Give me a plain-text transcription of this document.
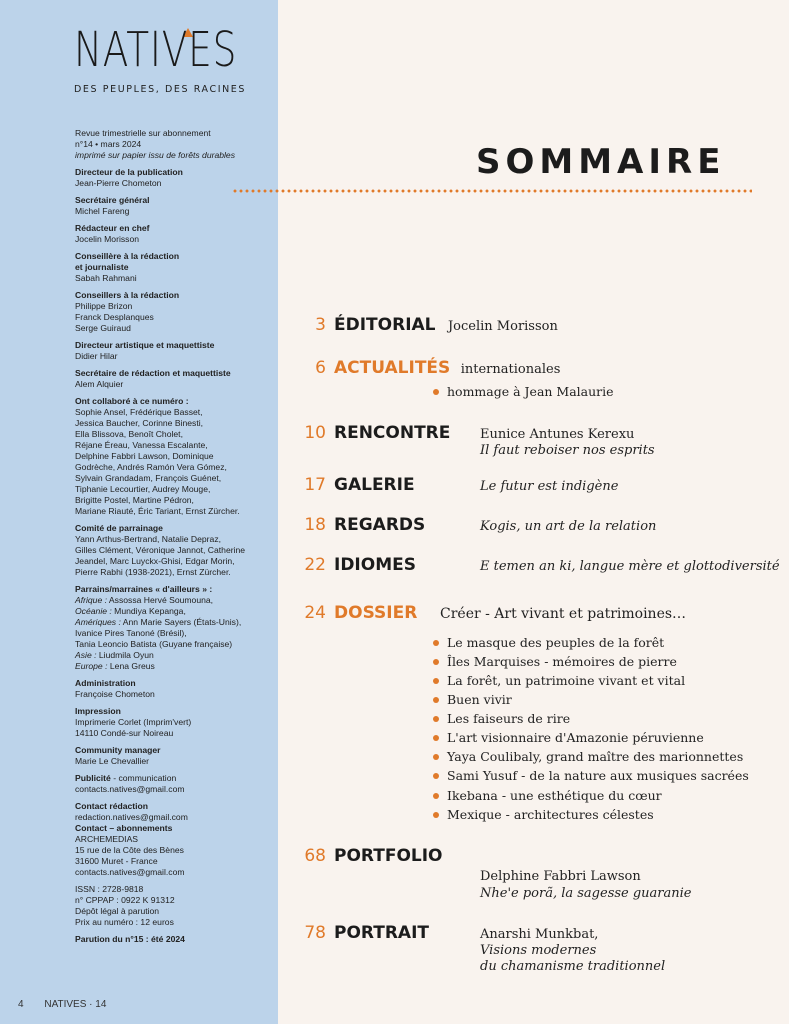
NATIVES
DES PEUPLES, DES RACINES
Revue trimestrielle sur abonnement
n°14 • mars 2024
imprimé sur papier issu de forêts durables
Directeur de la publication
Jean-Pierre Chometon
Secrétaire général
Michel Fareng
Rédacteur en chef
Jocelin Morisson
Conseillère à la rédaction
et journaliste
Sabah Rahmani
Conseillers à la rédaction
Philippe Brizon
Franck Desplanques
Serge Guiraud
Directeur artistique et maquettiste
Didier Hilar
Secrétaire de rédaction et maquettiste
Alem Alquier
Ont collaboré à ce numéro :
Sophie Ansel, Frédérique Basset,
Jessica Baucher, Corinne Binesti,
Ella Blissova, Benoît Cholet,
Réjane Éreau, Vanessa Escalante,
Delphine Fabbri Lawson, Dominique
Godrèche, Andrés Ramón Vera Gómez,
Sylvain Grandadam, François Guénet,
Tiphanie Lecourtier, Audrey Mouge,
Brigitte Postel, Martine Pédron,
Mariane Riauté, Éric Tariant, Ernst Zürcher.
Comité de parrainage
Yann Arthus-Bertrand, Natalie Depraz,
Gilles Clément, Véronique Jannot, Catherine
Jeandel, Marc Luyckx-Ghisi, Edgar Morin,
Pierre Rabhi (1938-2021), Ernst Zürcher.
Parrains/marraines « d'ailleurs » :
Afrique : Assossa Hervé Soumouna,
Océanie : Mundiya Kepanga,
Amériques : Ann Marie Sayers (États-Unis),
Ivanice Pires Tanoné (Brésil),
Tania Leoncio Batista (Guyane française)
Asie : Liudmila Oyun
Europe : Lena Greus
Administration
Françoise Chometon
Impression
Imprimerie Corlet (Imprim'vert)
14110 Condé-sur Noireau
Community manager
Marie Le Chevallier
Publicité - communication
contacts.natives@gmail.com
Contact rédaction
redaction.natives@gmail.com
Contact – abonnements
ARCHEMEDIAS
15 rue de la Côte des Bènes
31600 Muret - France
contacts.natives@gmail.com
ISSN : 2728-9818
n° CPPAP : 0922 K 91312
Dépôt légal à parution
Prix au numéro : 12 euros
Parution du n°15 : été 2024
4 NATIVES · 14
SOMMAIRE
3 ÉDITORIAL Jocelin Morisson
6 ACTUALITÉS internationales
hommage à Jean Malaurie
10 RENCONTRE Eunice Antunes Kerexu
Il faut reboiser nos esprits
17 GALERIE	Le futur est indigène
18 REGARDS	Kogis, un art de la relation
22 IDIOMES	E temen an ki, langue mère et glottodiversité
24 DOSSIER Créer - Art vivant et patrimoines…
Le masque des peuples de la forêt
Îles Marquises - mémoires de pierre
La forêt, un patrimoine vivant et vital
Buen vivir
Les faiseurs de rire
L'art visionnaire d'Amazonie péruvienne
Yaya Coulibaly, grand maître des marionnettes
Sami Yusuf - de la nature aux musiques sacrées
Ikebana - une esthétique du cœur
Mexique - architectures célestes
68 PORTFOLIO
Delphine Fabbri Lawson
Nhe'e porã, la sagesse guaranie
78 PORTRAIT	Anarshi Munkbat,
Visions modernes
du chamanisme traditionnel
